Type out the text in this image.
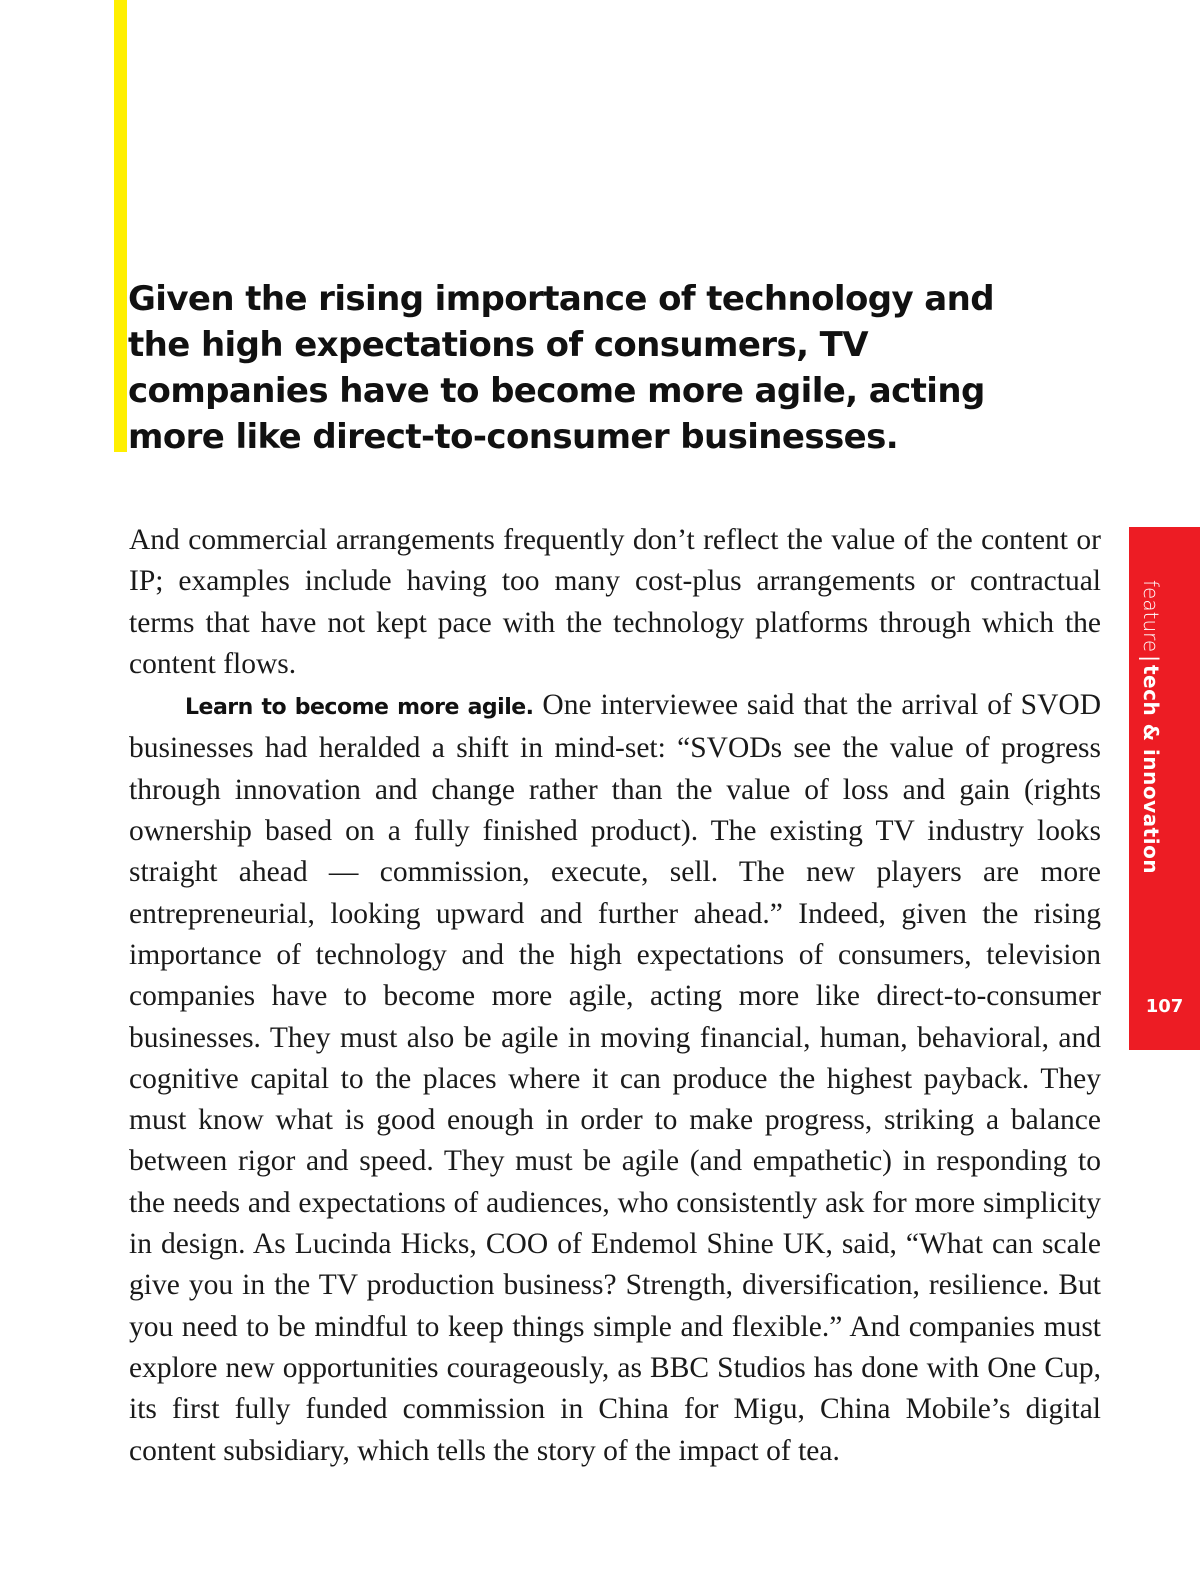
Given the rising importance of technology and the high expectations of consumers, TV companies have to become more agile, acting more like direct-to-consumer businesses.

And commercial arrangements frequently don’t reflect the value of the content or IP; examples include having too many cost-plus arrangements or contractual terms that have not kept pace with the technology platforms through which the content flows.

Learn to become more agile. One interviewee said that the arrival of SVOD businesses had heralded a shift in mind-set: “SVODs see the value of progress through innovation and change rather than the value of loss and gain (rights ownership based on a fully finished product). The existing TV industry looks straight ahead — commission, execute, sell. The new players are more entrepreneurial, looking upward and further ahead.” Indeed, given the rising importance of technology and the high expectations of consumers, television companies have to become more agile, acting more like direct-to-consumer businesses. They must also be agile in moving financial, human, behavioral, and cognitive capital to the places where it can produce the highest payback. They must know what is good enough in order to make progress, striking a balance between rigor and speed. They must be agile (and empathetic) in responding to the needs and expectations of audiences, who consistently ask for more simplicity in design. As Lucinda Hicks, COO of Endemol Shine UK, said, “What can scale give you in the TV production business? Strength, diversification, resilience. But you need to be mindful to keep things simple and flexible.” And companies must explore new opportunities courageously, as BBC Studios has done with One Cup, its first fully funded commission in China for Migu, China Mobile’s digital content subsidiary, which tells the story of the impact of tea.

feature|tech & innovation
107
